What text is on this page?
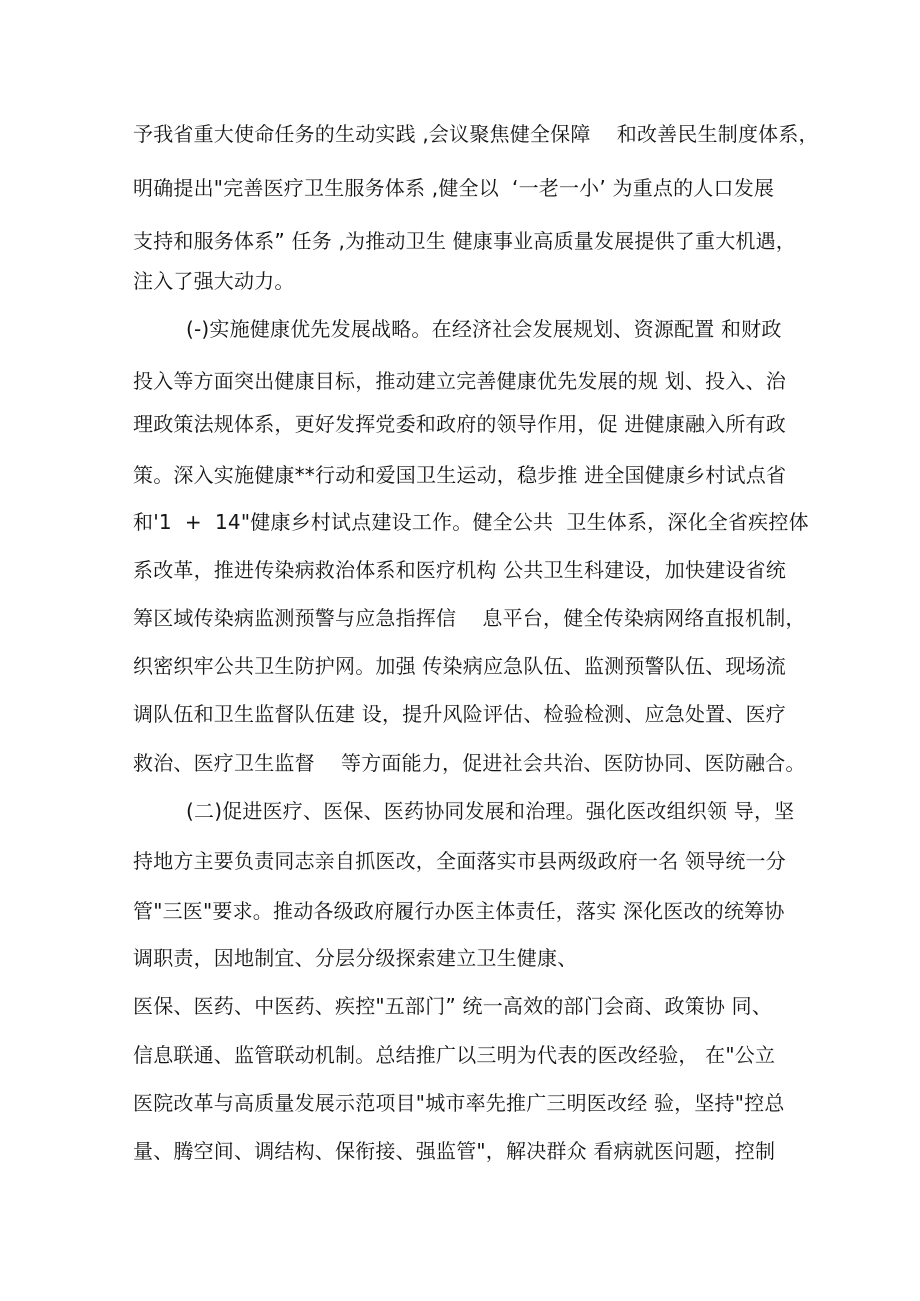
予我省重大使命任务的生动实践 ,会议聚焦健全保障    和改善民生制度体系，
明确提出"完善医疗卫生服务体系 ,健全以  ‘一老一小’ 为重点的人口发展
支持和服务体系” 任务 ,为推动卫生 健康事业高质量发展提供了重大机遇，
注入了强大动力。
(-)实施健康优先发展战略。在经济社会发展规划、资源配置 和财政
投入等方面突出健康目标，推动建立完善健康优先发展的规 划、投入、治
理政策法规体系，更好发挥党委和政府的领导作用，促 进健康融入所有政
策。深入实施健康**行动和爱国卫生运动，稳步推 进全国健康乡村试点省
和'1  +  14"健康乡村试点建设工作。健全公共  卫生体系，深化全省疾控体
系改革，推进传染病救治体系和医疗机构 公共卫生科建设，加快建设省统
筹区域传染病监测预警与应急指挥信    息平台，健全传染病网络直报机制，
织密织牢公共卫生防护网。加强 传染病应急队伍、监测预警队伍、现场流
调队伍和卫生监督队伍建 设，提升风险评估、检验检测、应急处置、医疗
救治、医疗卫生监督    等方面能力，促进社会共治、医防协同、医防融合。
(二)促进医疗、医保、医药协同发展和治理。强化医改组织领 导，坚
持地方主要负责同志亲自抓医改，全面落实市县两级政府一名 领导统一分
管"三医"要求。推动各级政府履行办医主体责任，落实 深化医改的统筹协
调职责，因地制宜、分层分级探索建立卫生健康、
医保、医药、中医药、疾控"五部门” 统一高效的部门会商、政策协 同、
信息联通、监管联动机制。总结推广以三明为代表的医改经验， 在"公立
医院改革与高质量发展示范项目"城市率先推广三明医改经 验，坚持"控总
量、腾空间、调结构、保衔接、强监管"，解决群众 看病就医问题，控制
